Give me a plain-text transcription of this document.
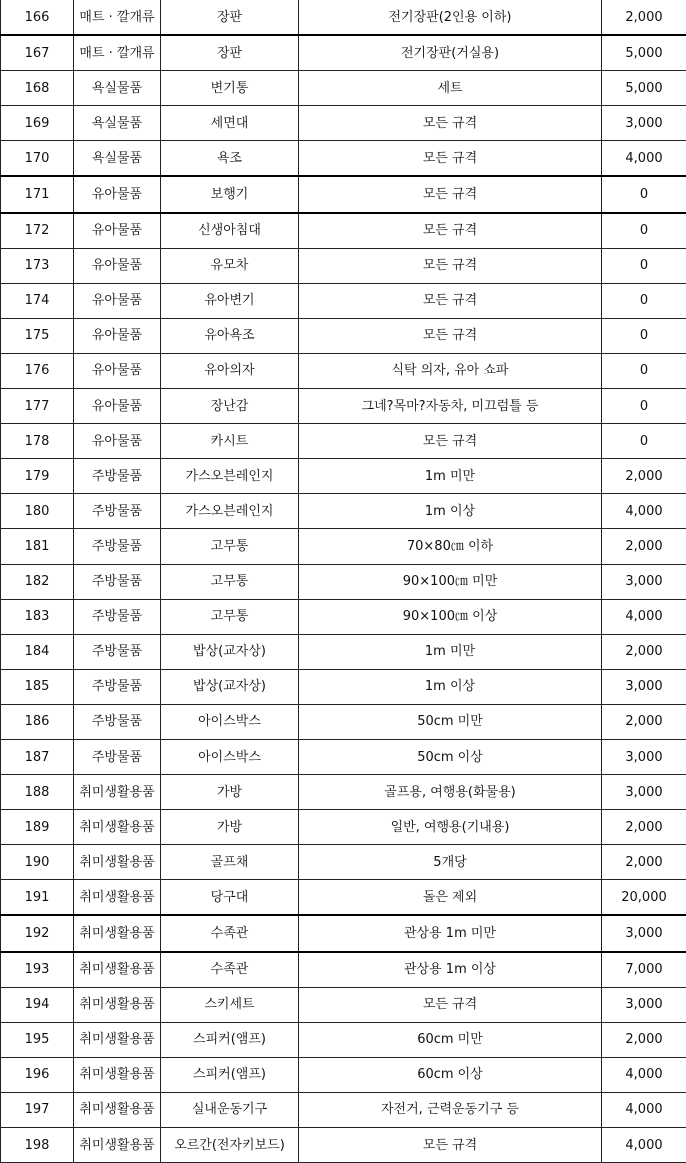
166	매트 · 깔개류	장판	전기장판(2인용 이하)	2,000
167	매트 · 깔개류	장판	전기장판(거실용)	5,000
168	욕실물품	변기통	세트	5,000
169	욕실물품	세면대	모든 규격	3,000
170	욕실물품	욕조	모든 규격	4,000
171	유아물품	보행기	모든 규격	0
172	유아물품	신생아침대	모든 규격	0
173	유아물품	유모차	모든 규격	0
174	유아물품	유아변기	모든 규격	0
175	유아물품	유아욕조	모든 규격	0
176	유아물품	유아의자	식탁 의자, 유아 쇼파	0
177	유아물품	장난감	그네?목마?자동차, 미끄럼틀 등	0
178	유아물품	카시트	모든 규격	0
179	주방물품	가스오븐레인지	1m 미만	2,000
180	주방물품	가스오븐레인지	1m 이상	4,000
181	주방물품	고무통	70×80㎝ 이하	2,000
182	주방물품	고무통	90×100㎝ 미만	3,000
183	주방물품	고무통	90×100㎝ 이상	4,000
184	주방물품	밥상(교자상)	1m 미만	2,000
185	주방물품	밥상(교자상)	1m 이상	3,000
186	주방물품	아이스박스	50cm 미만	2,000
187	주방물품	아이스박스	50cm 이상	3,000
188	취미생활용품	가방	골프용, 여행용(화물용)	3,000
189	취미생활용품	가방	일반, 여행용(기내용)	2,000
190	취미생활용품	골프채	5개당	2,000
191	취미생활용품	당구대	돌은 제외	20,000
192	취미생활용품	수족관	관상용 1m 미만	3,000
193	취미생활용품	수족관	관상용 1m 이상	7,000
194	취미생활용품	스키세트	모든 규격	3,000
195	취미생활용품	스피커(앰프)	60cm 미만	2,000
196	취미생활용품	스피커(앰프)	60cm 이상	4,000
197	취미생활용품	실내운동기구	자전거, 근력운동기구 등	4,000
198	취미생활용품	오르간(전자키보드)	모든 규격	4,000
